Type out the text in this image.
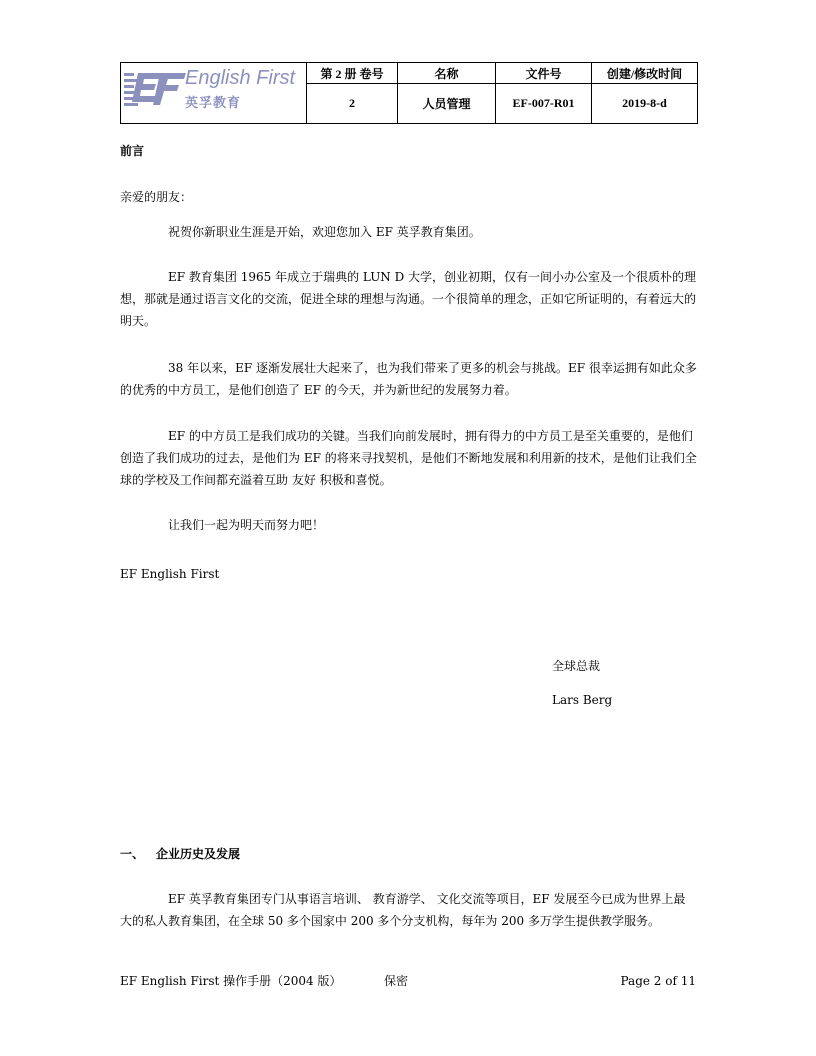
English First
英孚教育	第 2 册 卷号	名称	文件号	创建/修改时间
	2	人员管理	EF-007-R01	2019-8-d
前言
亲爱的朋友：
祝贺你新职业生涯是开始，欢迎您加入 EF 英孚教育集团。
EF 教育集团 1965 年成立于瑞典的 LUN D 大学，创业初期，仅有一间小办公室及一个很质朴的理想，那就是通过语言文化的交流，促进全球的理想与沟通。一个很简单的理念，正如它所证明的，有着远大的明天。
38 年以来，EF 逐渐发展壮大起来了，也为我们带来了更多的机会与挑战。EF 很幸运拥有如此众多的优秀的中方员工，是他们创造了 EF 的今天，并为新世纪的发展努力着。
EF 的中方员工是我们成功的关键。当我们向前发展时，拥有得力的中方员工是至关重要的，是他们创造了我们成功的过去，是他们为 EF 的将来寻找契机，是他们不断地发展和利用新的技术，是他们让我们全球的学校及工作间都充溢着互助 友好 积极和喜悦。
让我们一起为明天而努力吧！
EF English First
全球总裁
Lars Berg
一、 企业历史及发展
EF 英孚教育集团专门从事语言培训、 教育游学、 文化交流等项目，EF 发展至今已成为世界上最大的私人教育集团，在全球 50 多个国家中 200 多个分支机构，每年为 200 多万学生提供教学服务。
EF English First 操作手册（2004 版）	保密	Page 2 of 11
